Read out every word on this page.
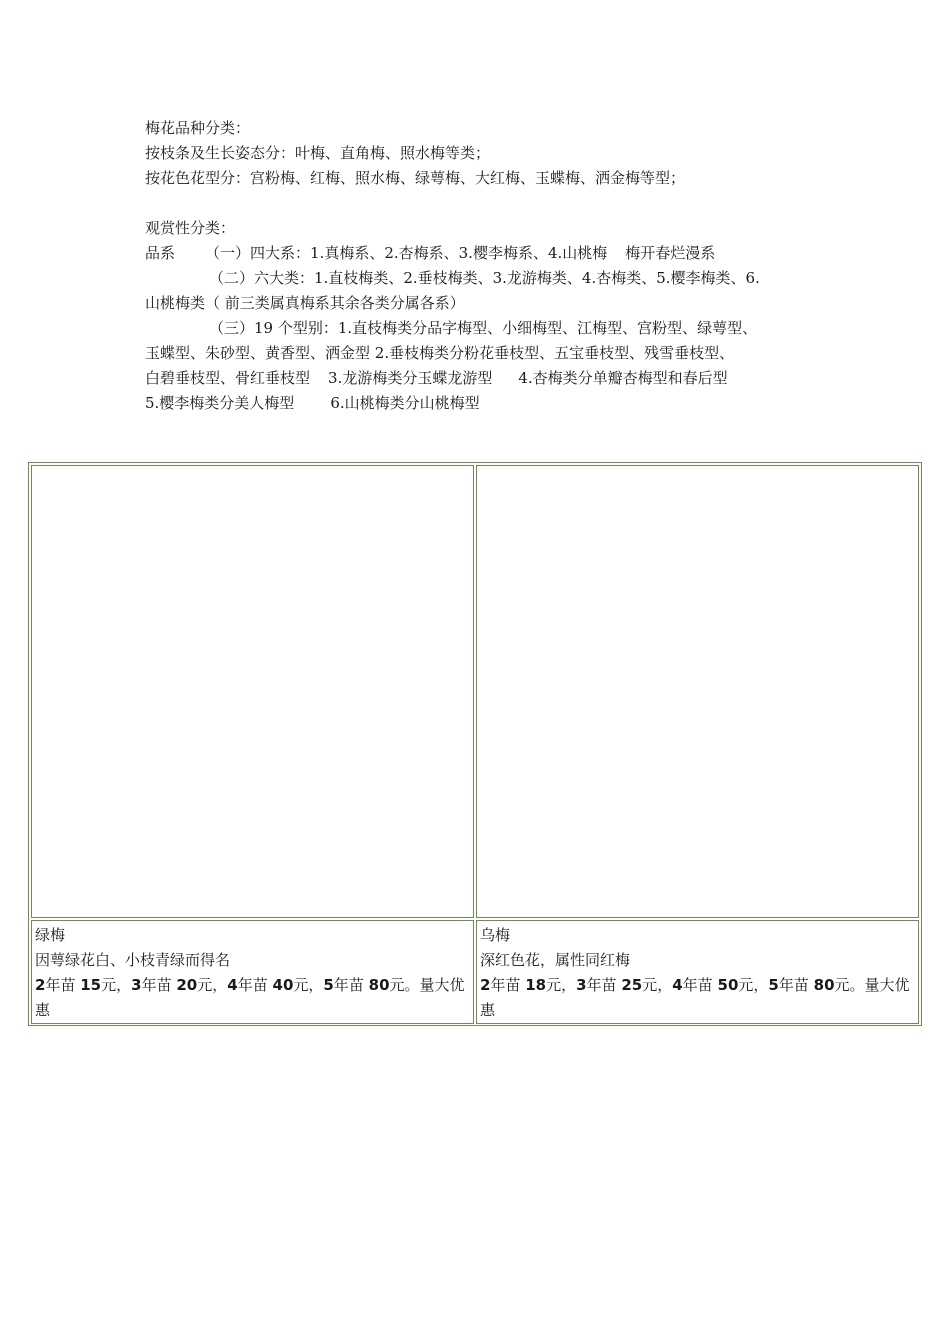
梅花品种分类：
按枝条及生长姿态分：叶梅、直角梅、照水梅等类；
按花色花型分：宫粉梅、红梅、照水梅、绿萼梅、大红梅、玉蝶梅、洒金梅等型；
观赏性分类：
品系 （一）四大系：1.真梅系、2.杏梅系、3.樱李梅系、4.山桃梅 梅开春烂漫系
（二）六大类：1.直枝梅类、2.垂枝梅类、3.龙游梅类、4.杏梅类、5.樱李梅类、6.
山桃梅类（ 前三类属真梅系其余各类分属各系）
（三）19 个型别：1.直枝梅类分品字梅型、小细梅型、江梅型、宫粉型、绿萼型、
玉蝶型、朱砂型、黄香型、洒金型 2.垂枝梅类分粉花垂枝型、五宝垂枝型、残雪垂枝型、
白碧垂枝型、骨红垂枝型 3.龙游梅类分玉蝶龙游型 4.杏梅类分单瓣杏梅型和春后型
5.樱李梅类分美人梅型 6.山桃梅类分山桃梅型
绿梅
因萼绿花白、小枝青绿而得名
2年苗 15元，3年苗 20元，4年苗 40元，5年苗 80元。量大优惠
乌梅
深红色花，属性同红梅
2年苗 18元，3年苗 25元，4年苗 50元，5年苗 80元。量大优惠
